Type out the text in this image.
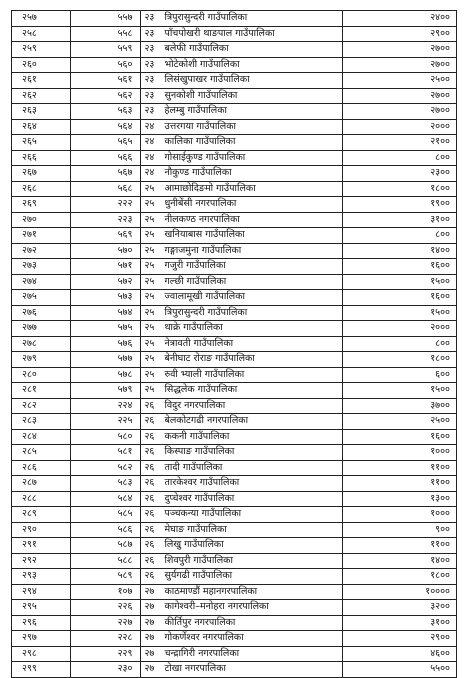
२५७	५५७	२३ त्रिपुरासुन्दरी गाउँपालिका	२४००
२५८	५५८	२३ पाँचपोखरी थाङपाल गाउँपालिका	२९००
२५९	५५९	२३ बलेफी गाउँपालिका	२७००
२६०	५६०	२३ भोटेकोशी गाउँपालिका	२७००
२६१	५६१	२३ लिसंखुपाखर गाउँपालिका	२५००
२६२	५६२	२३ सुनकोशी गाउँपालिका	२७००
२६३	५६३	२३ हेलम्बु गाउँपालिका	२७००
२६४	५६४	२४ उत्तरगया गाउँपालिका	२०००
२६५	५६५	२४ कालिका गाउँपालिका	२१००
२६६	५६६	२४ गोसाईकुण्ड गाउँपालिका	८००
२६७	५६७	२४ नौकुण्ड गाउँपालिका	२३००
२६८	५६८	२५ आमाछोदिङमो गाउँपालिका	१८००
२६९	२२२	२५ धुनीबेंसी नगरपालिका	१९००
२७०	२२३	२५ नीलकण्ठ नगरपालिका	३१००
२७१	५६९	२५ खनियाबास गाउँपालिका	८००
२७२	५७०	२५ गङ्गाजमुना गाउँपालिका	१४००
२७३	५७१	२५ गजुरी गाउँपालिका	१६००
२७४	५७२	२५ गल्छी गाउँपालिका	१५००
२७५	५७३	२५ ज्वालामूखी गाउँपालिका	१६००
२७६	५७४	२५ त्रिपुरासुन्दरी गाउँपालिका	१५००
२७७	५७५	२५ थाक्रे गाउँपालिका	२०००
२७८	५७६	२५ नेत्रावती गाउँपालिका	८००
२७९	५७७	२५ बेनीघाट रोराङ गाउँपालिका	१८००
२८०	५७८	२५ रुवी भ्याली गाउँपालिका	६००
२८१	५७९	२५ सिद्धलेक गाउँपालिका	१५००
२८२	२२४	२६ विदुर नगरपालिका	३७००
२८३	२२५	२६ बेलकोटगढी नगरपालिका	२५००
२८४	५८०	२६ ककनी गाउँपालिका	१६००
२८५	५८१	२६ किस्पाङ गाउँपालिका	१०००
२८६	५८२	२६ तादी गाउँपालिका	११००
२८७	५८३	२६ तारकेश्वर गाउँपालिका	११००
२८८	५८४	२६ दुप्चेश्वर गाउँपालिका	१३००
२८९	५८५	२६ पञ्चकन्या गाउँपालिका	१०००
२९०	५८६	२६ मेघाङ गाउँपालिका	९००
२९१	५८७	२६ लिखु गाउँपालिका	११००
२९२	५८८	२६ शिवपुरी गाउँपालिका	१४००
२९३	५८९	२६ सुर्यगढी गाउँपालिका	१८००
२९४	१०७	२७ काठमाण्डौं महानगरपालिका	१००००
२९५	२२६	२७ कागेश्वरी–मनोहरा नगरपालिका	३२००
२९६	२२७	२७ कीर्तिपुर नगरपालिका	३१००
२९७	२२८	२७ गोकर्णेश्वर नगरपालिका	२९००
२९८	२२९	२७ चन्द्रागिरी नगरपालिका	४६००
२९९	२३०	२७ टोखा नगरपालिका	५५००
